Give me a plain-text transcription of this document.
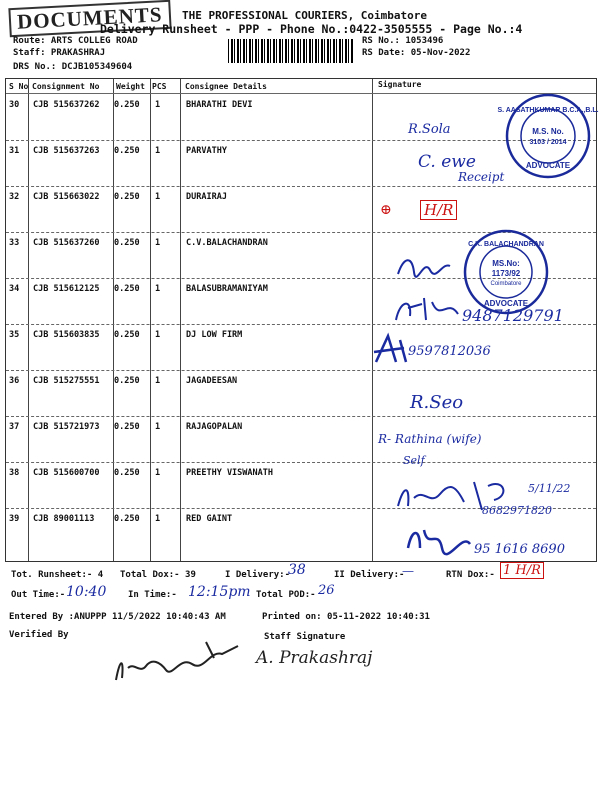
DOCUMENTS	THE PROFESSIONAL COURIERS, Coimbatore
Delivery Runsheet - PPP - Phone No.:0422-3505555 - Page No.:4
Route: ARTS COLLEG ROAD
Staff: PRAKASHRAJ
DRS No.: DCJB105349604
RS No.: 1053496
RS Date: 05-Nov-2022
S No Consignment No Weight PCS Consignee Details	Signature
30 CJB 515637262 0.250 1	BHARATHI DEVI
31 CJB 515637263 0.250 1	PARVATHY
32 CJB 515663022 0.250 1	DURAIRAJ
33 CJB 515637260 0.250 1	C.V.BALACHANDRAN
34 CJB 515612125 0.250 1	BALASUBRAMANIYAM
35 CJB 515603835 0.250 1	DJ LOW FIRM
36 CJB 515275551 0.250 1	JAGADEESAN
37 CJB 515721973 0.250 1	RAJAGOPALAN
38 CJB 515600700 0.250 1	PREETHY VISWANATH
39 CJB 89001113 0.250 1	RED GAINT
S. AASATHKUMAR B.C.A.,B.L.
M.S. No.
3103 / 2014
ADVOCATE
C.K. BALACHANDRAN
MS.No:
1173/92
Coimbatore
ADVOCATE
R.Sola
C. ewe
Receipt
⊕ H/R
9487129791
9597812036
R.Seo
R- Rathina (wife)
Self
5/11/22
8682971820
95 1616 8690
Tot. Runsheet:- 4 Total Dox:- 39	I Delivery:-
38	II Delivery:-
—	RTN Dox:- 1 H/R
Out Time:- 10:40 In Time:- 12:15pm Total POD:- 26
Entered By :ANUPPP 11/5/2022 10:40:43 AM	Printed on: 05-11-2022 10:40:31
Verified By	Staff Signature
A. Prakashraj
